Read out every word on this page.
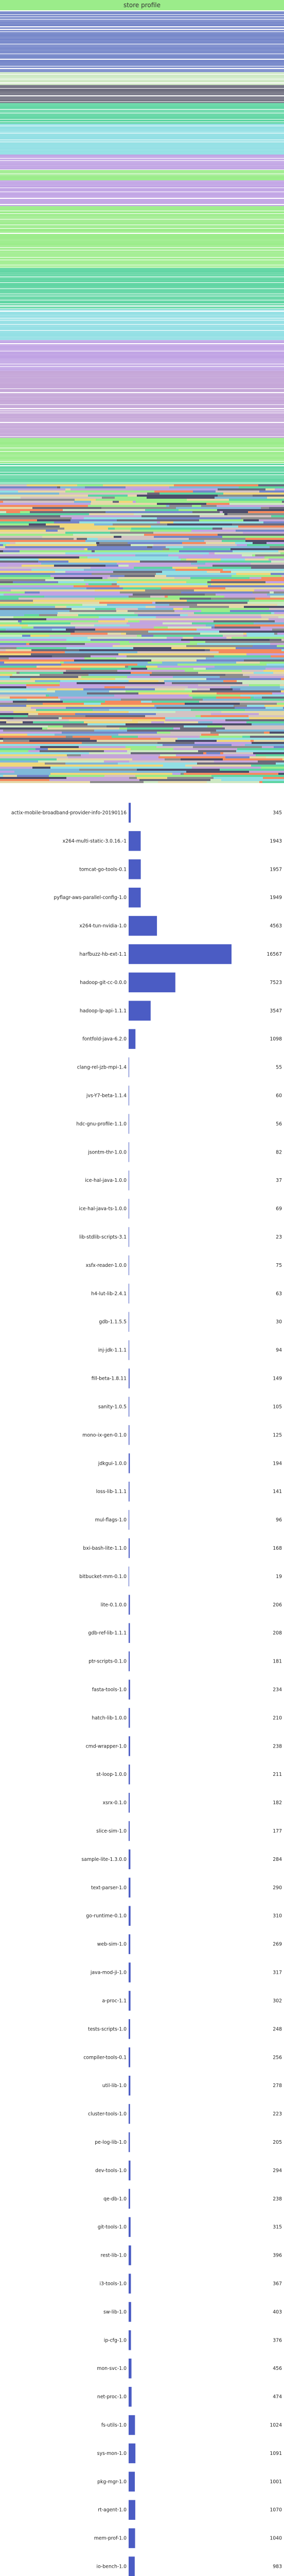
store profile
actix-mobile-broadband-provider-info-20190116	345
x264-multi-static-3.0.16.-1	1943
tomcat-go-tools-0.1	1957
pyflagr-aws-parallel-config-1.0	1949
x264-tun-nvidia-1.0	4563
harfbuzz-hb-ext-1.1	16567
hadoop-git-cc-0.0.0	7523
hadoop-lp-api-1.1.1	3547
fontfold-java-6.2.0	1098
clang-rel-jzb-mpi-1.4	55
jvs-Y7-beta-1.1.4	60
hdc-gnu-profile-1.1.0	56
jsontm-thr-1.0.0	82
ice-hal-java-1.0.0	37
ice-hal-java-ts-1.0.0	69
lib-stdlib-scripts-3.1	23
xsfx-reader-1.0.0	75
h4-lut-lib-2.4.1	63
gdb-1.1.5.5	30
inj-jdk-1.1.1	94
fill-beta-1.8.11	149
sanity-1.0.5	105
mono-ix-gen-0.1.0	125
jdkgui-1.0.0	194
loss-lib-1.1.1	141
mul-flags-1.0	96
bxi-bash-lite-1.1.0	168
bitbucket-mm-0.1.0	19
lite-0.1.0.0	206
gdb-ref-lib-1.1.1	208
ptr-scripts-0.1.0	181
fasta-tools-1.0	234
hatch-lib-1.0.0	210
cmd-wrapper-1.0	238
st-loop-1.0.0	211
xsrx-0.1.0	182
slice-sim-1.0	177
sample-lite-1.3.0.0	284
text-parser-1.0	290
go-runtime-0.1.0	310
web-sim-1.0	269
java-mod-ji-1.0	317
a-proc-1.1	302
tests-scripts-1.0	248
compiler-tools-0.1	256
util-lib-1.0	278
cluster-tools-1.0	223
pe-log-lib-1.0	205
dev-tools-1.0	294
qe-db-1.0	238
git-tools-1.0	315
rest-lib-1.0	396
i3-tools-1.0	367
sw-lib-1.0	403
ip-cfg-1.0	376
mon-svc-1.0	456
net-proc-1.0	474
fs-utils-1.0	1024
sys-mon-1.0	1091
pkg-mgr-1.0	1001
rt-agent-1.0	1070
mem-prof-1.0	1040
io-bench-1.0	983
